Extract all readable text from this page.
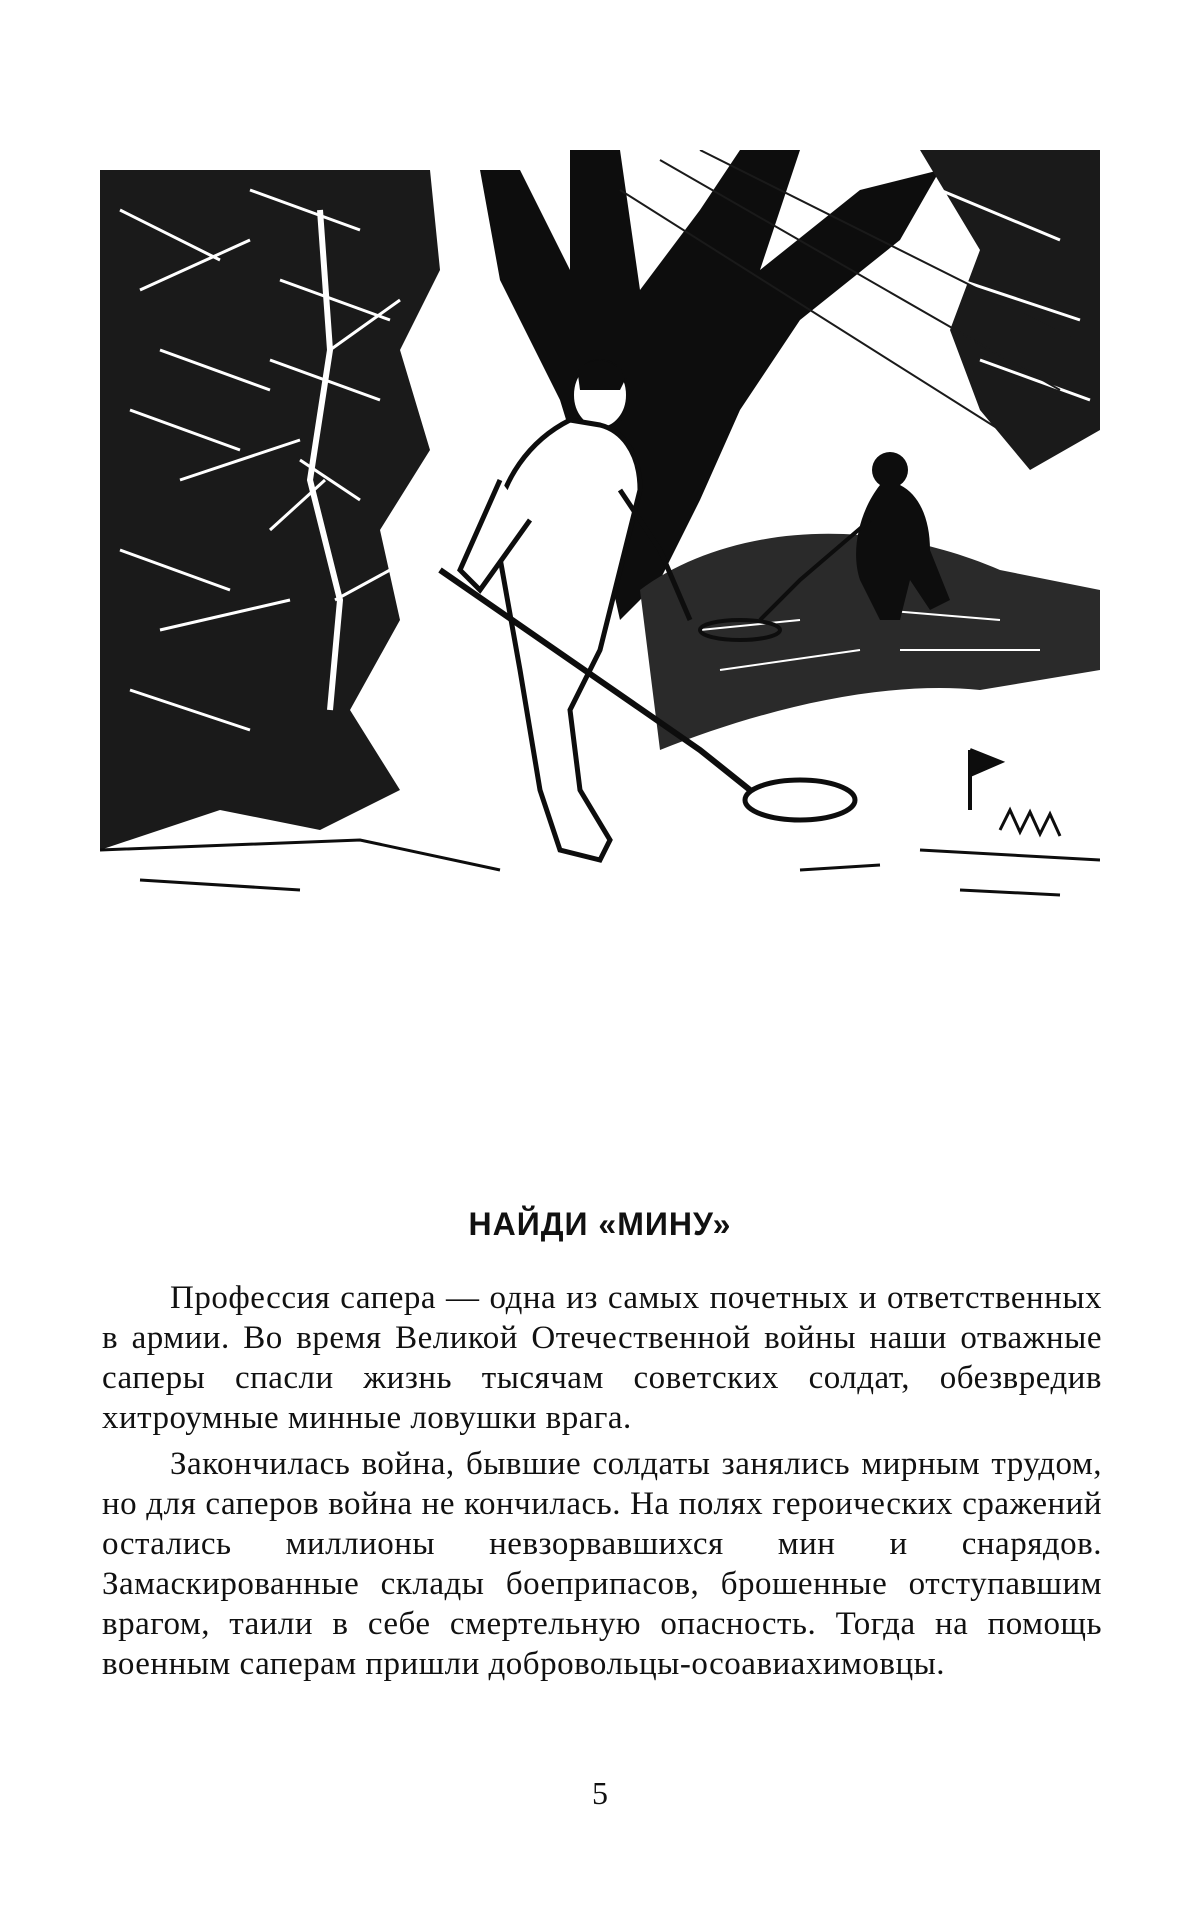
НАЙДИ «МИНУ»

Профессия сапера — одна из самых почетных и ответственных в армии. Во время Великой Отечественной войны наши отважные саперы спасли жизнь тысячам советских солдат, обезвредив хитроумные минные ловушки врага.

Закончилась война, бывшие солдаты занялись мирным трудом, но для саперов война не кончилась. На полях героических сражений остались миллионы невзорвавшихся мин и снарядов. Замаскированные склады боеприпасов, брошенные отступавшим врагом, таили в себе смертельную опасность. Тогда на помощь военным саперам пришли добровольцы-осоавиахимовцы.

5
